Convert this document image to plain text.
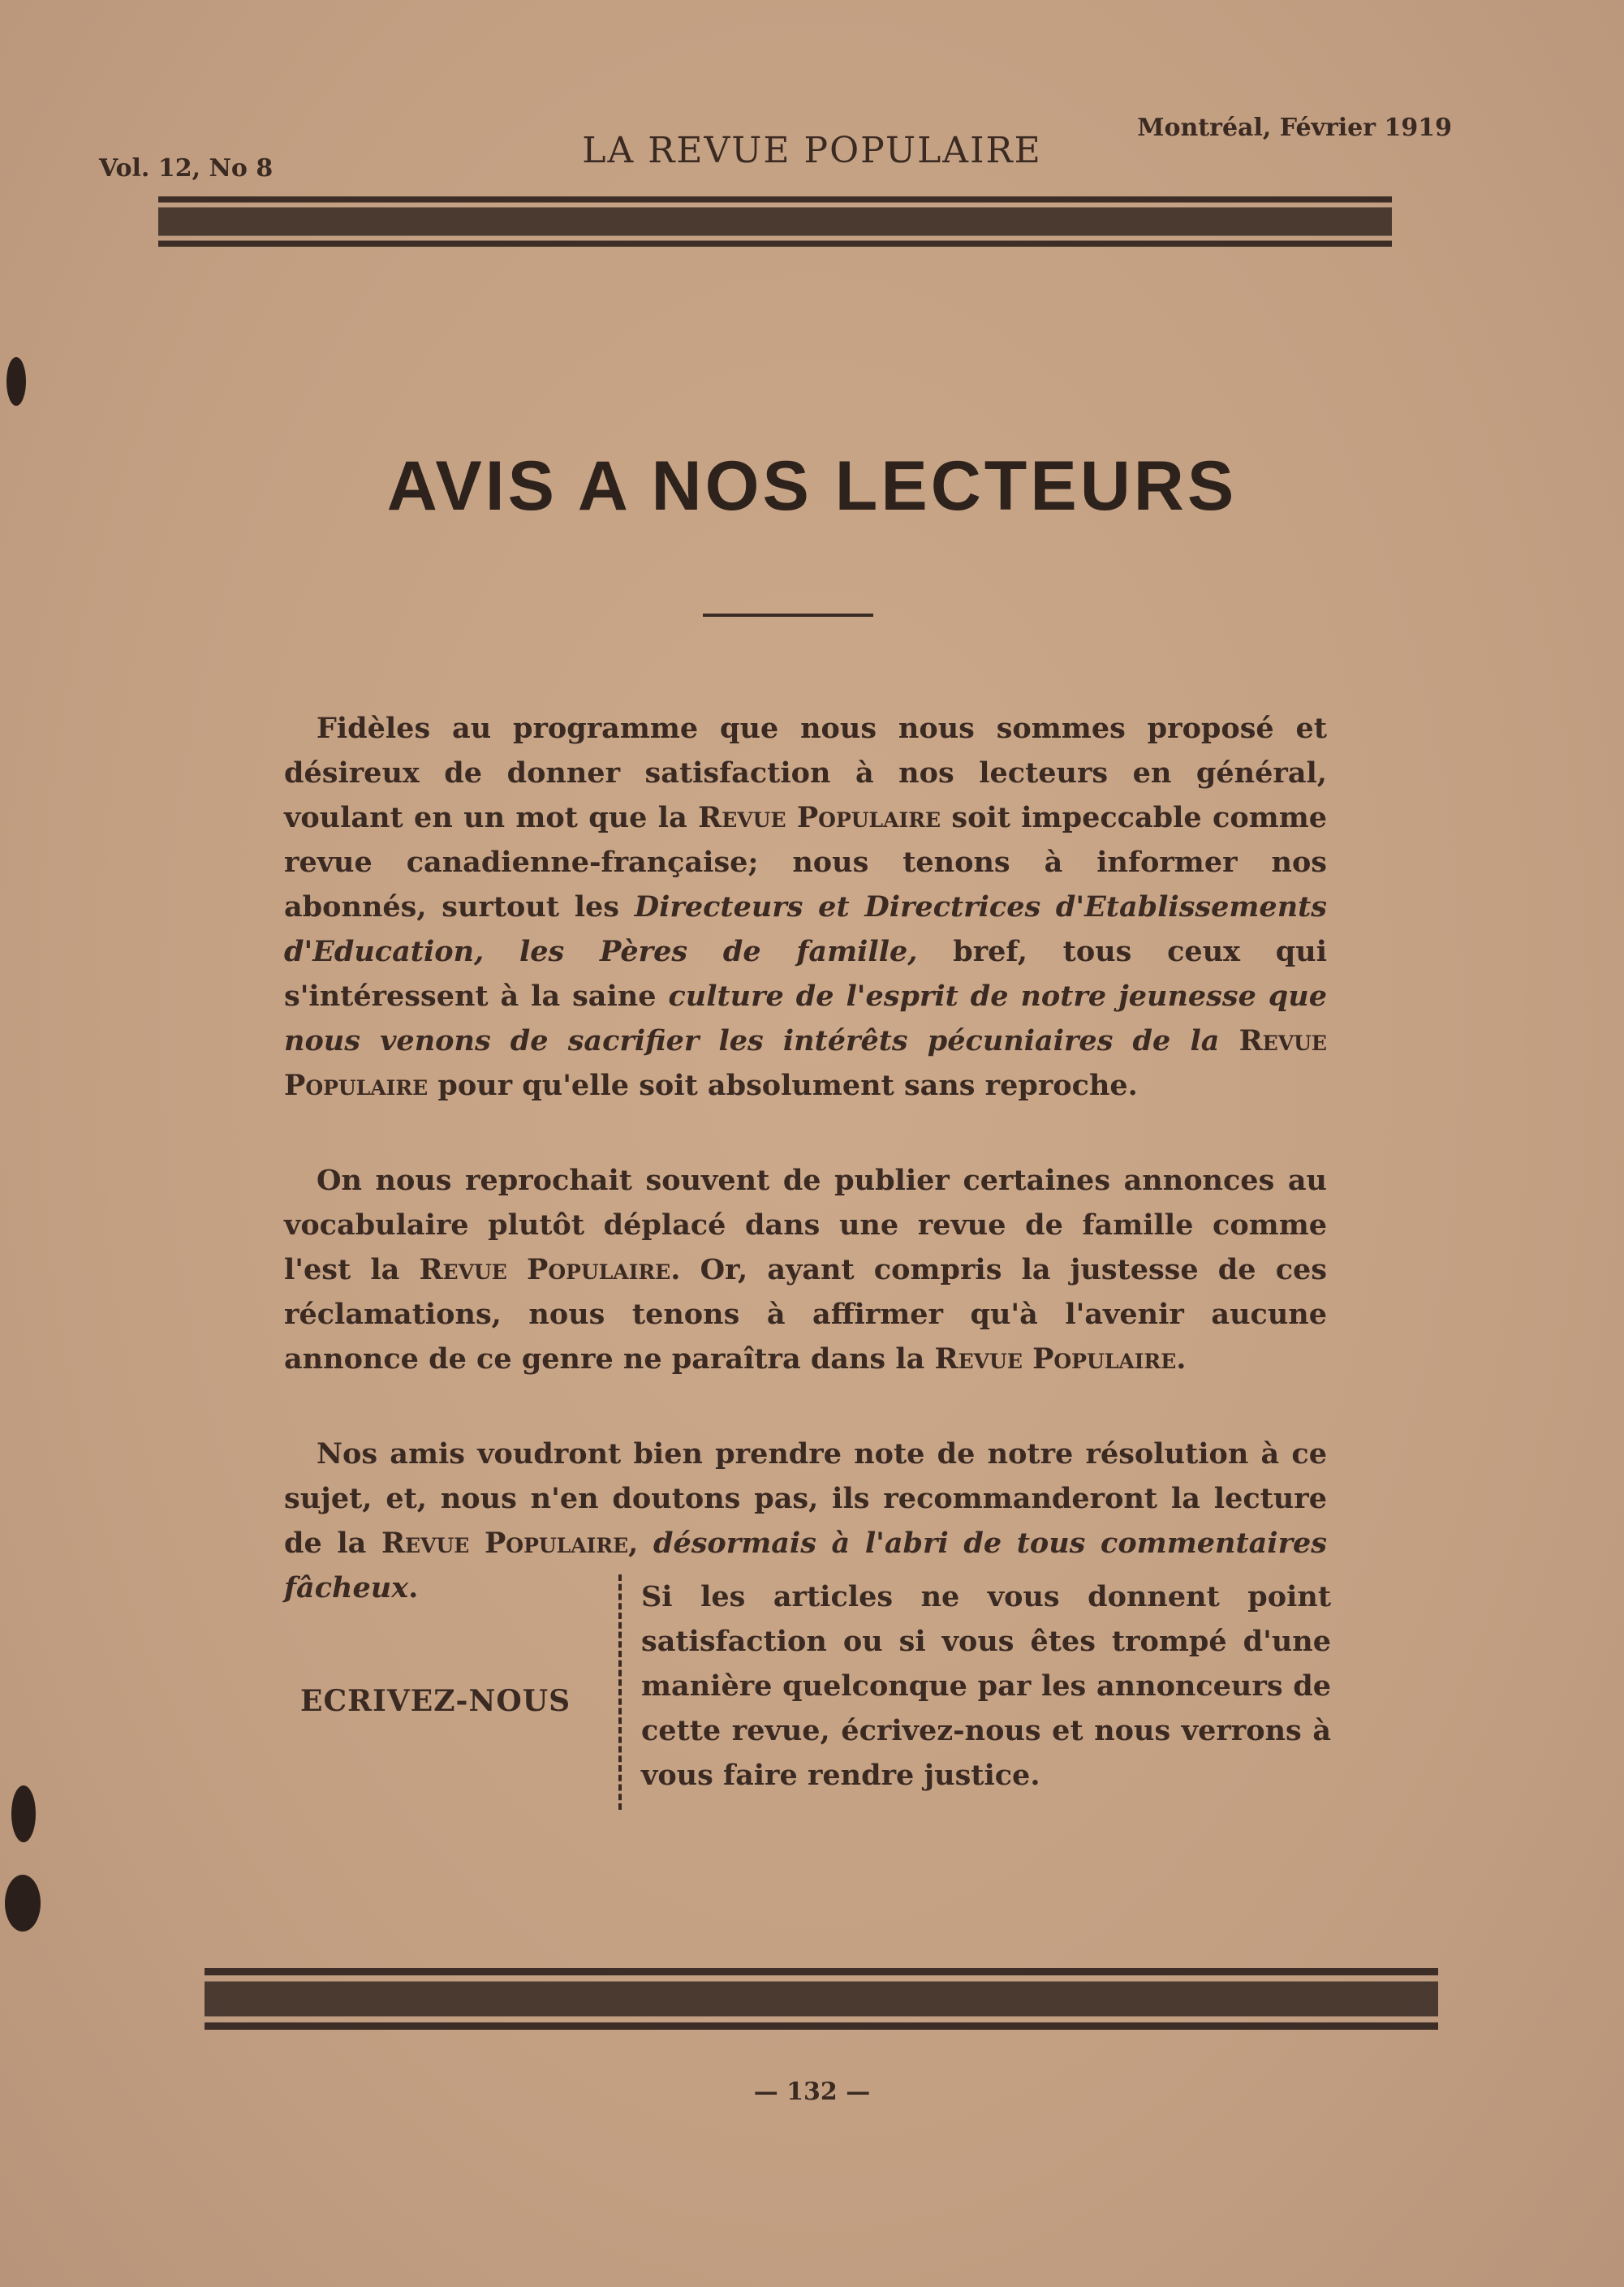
Vol. 12, No 8	LA REVUE POPULAIRE
Montréal, Février 1919
AVIS A NOS LECTEURS

Fidèles au programme que nous nous sommes proposé et désireux de donner satisfaction à nos lecteurs en général, voulant en un mot que la Revue Populaire soit impeccable comme revue canadienne-française; nous tenons à informer nos abonnés, surtout les Directeurs et Directrices d'Etablissements d'Education, les Pères de famille, bref, tous ceux qui s'intéressent à la saine culture de l'esprit de notre jeunesse que nous venons de sacrifier les intérêts pécuniaires de la Revue Populaire pour qu'elle soit absolument sans reproche.

On nous reprochait souvent de publier certaines annonces au vocabulaire plutôt déplacé dans une revue de famille comme l'est la Revue Populaire. Or, ayant compris la justesse de ces réclamations, nous tenons à affirmer qu'à l'avenir aucune annonce de ce genre ne paraîtra dans la Revue Populaire.

Nos amis voudront bien prendre note de notre résolution à ce sujet, et, nous n'en doutons pas, ils recommanderont la lecture de la Revue Populaire, désormais à l'abri de tous commentaires fâcheux.

ECRIVEZ-NOUS
Si les articles ne vous donnent point satisfaction ou si vous êtes trompé d'une manière quelconque par les annonceurs de cette revue, écrivez-nous et nous verrons à vous faire rendre justice.
— 132 —
